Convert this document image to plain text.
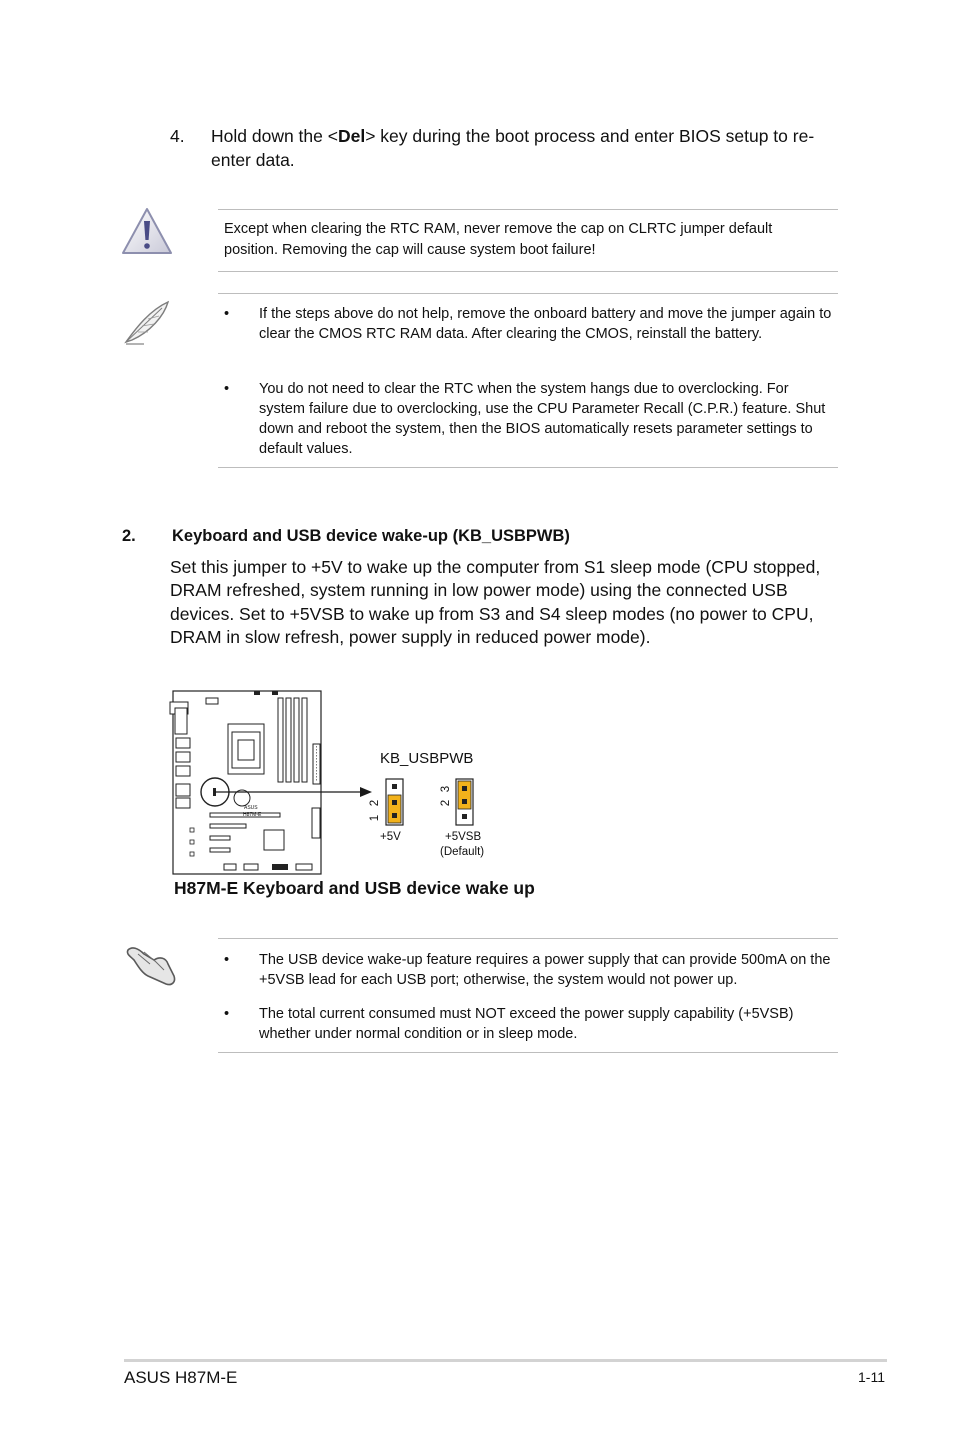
4. Hold down the <Del> key during the boot process and enter BIOS setup to re-enter data.
Except when clearing the RTC RAM, never remove the cap on CLRTC jumper default position. Removing the cap will cause system boot failure!
• If the steps above do not help, remove the onboard battery and move the jumper again to clear the CMOS RTC RAM data. After clearing the CMOS, reinstall the battery.
• You do not need to clear the RTC when the system hangs due to overclocking. For system failure due to overclocking, use the CPU Parameter Recall (C.P.R.) feature. Shut down and reboot the system, then the BIOS automatically resets parameter settings to default values.
2. Keyboard and USB device wake-up (KB_USBPWB)
Set this jumper to +5V to wake up the computer from S1 sleep mode (CPU stopped, DRAM refreshed, system running in low power mode) using the connected USB devices. Set to +5VSB to wake up from S3 and S4 sleep modes (no power to CPU, DRAM in slow refresh, power supply in reduced power mode).
ASUS
H87M-E
KB_USBPWB
2
1
+5V
3
2
+5VSB
(Default)
H87M-E Keyboard and USB device wake up
• The USB device wake-up feature requires a power supply that can provide 500mA on the +5VSB lead for each USB port; otherwise, the system would not power up.
• The total current consumed must NOT exceed the power supply capability (+5VSB) whether under normal condition or in sleep mode.
ASUS H87M-E	1-11
